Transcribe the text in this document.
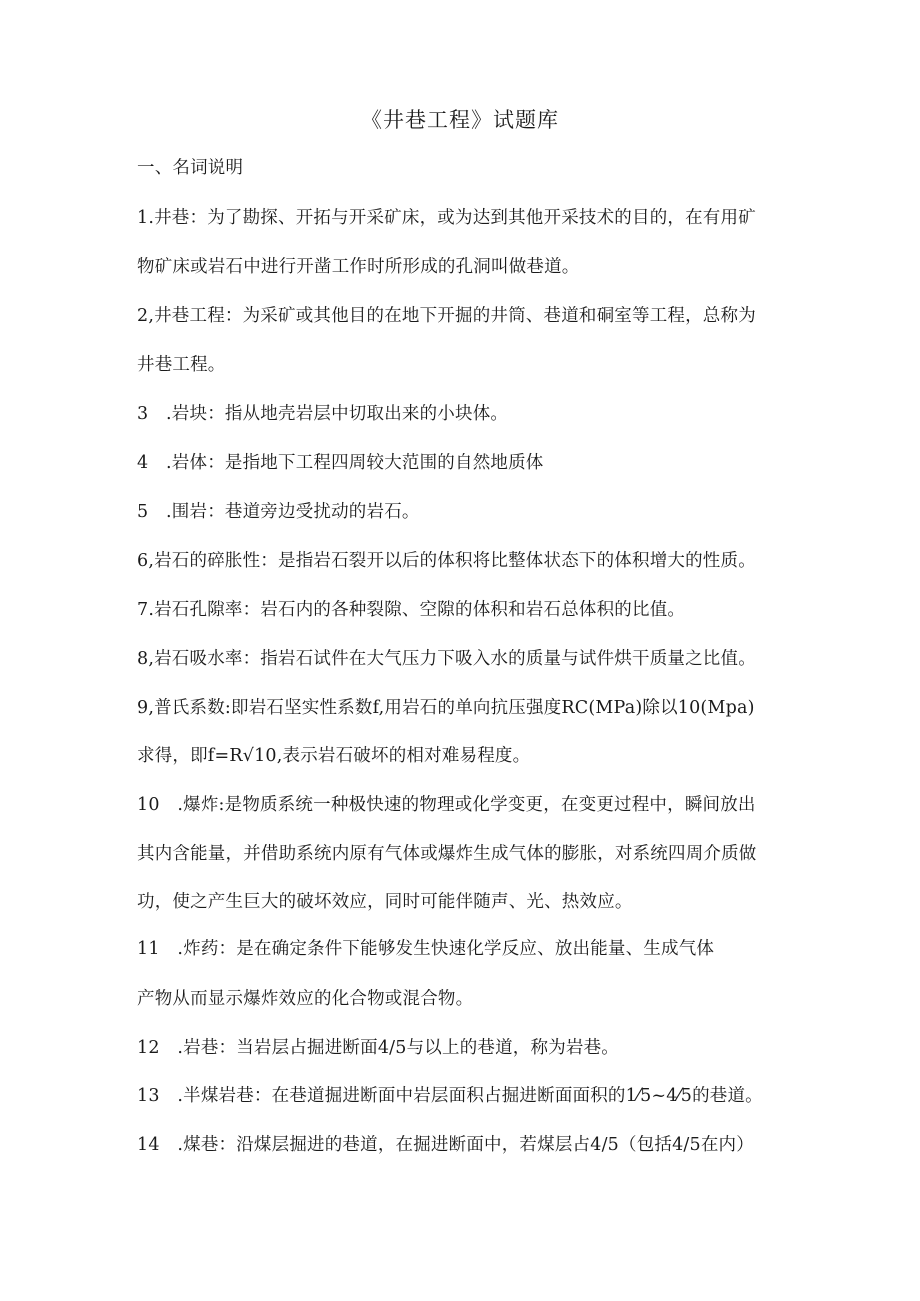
《井巷工程》试题库
一、名词说明
1.井巷：为了勘探、开拓与开采矿床，或为达到其他开采技术的目的，在有用矿
物矿床或岩石中进行开凿工作时所形成的孔洞叫做巷道。
2,井巷工程：为采矿或其他目的在地下开掘的井筒、巷道和硐室等工程，总称为
井巷工程。
3　.岩块：指从地壳岩层中切取出来的小块体。
4　.岩体：是指地下工程四周较大范围的自然地质体
5　.围岩：巷道旁边受扰动的岩石。
6,岩石的碎胀性：是指岩石裂开以后的体积将比整体状态下的体积增大的性质。
7.岩石孔隙率：岩石内的各种裂隙、空隙的体积和岩石总体积的比值。
8,岩石吸水率：指岩石试件在大气压力下吸入水的质量与试件烘干质量之比值。
9,普氏系数:即岩石坚实性系数f,用岩石的单向抗压强度RC(MPa)除以10(Mpa)
求得，即f=R√10,表示岩石破坏的相对难易程度。
10　.爆炸:是物质系统一种极快速的物理或化学变更，在变更过程中，瞬间放出
其内含能量，并借助系统内原有气体或爆炸生成气体的膨胀，对系统四周介质做
功，使之产生巨大的破坏效应，同时可能伴随声、光、热效应。
11　.炸药：是在确定条件下能够发生快速化学反应、放出能量、生成气体
产物从而显示爆炸效应的化合物或混合物。
12　.岩巷：当岩层占掘进断面4/5与以上的巷道，称为岩巷。
13　.半煤岩巷：在巷道掘进断面中岩层面积占掘进断面面积的1⁄5~4⁄5的巷道。
14　.煤巷：沿煤层掘进的巷道，在掘进断面中，若煤层占4/5（包括4/5在内）
